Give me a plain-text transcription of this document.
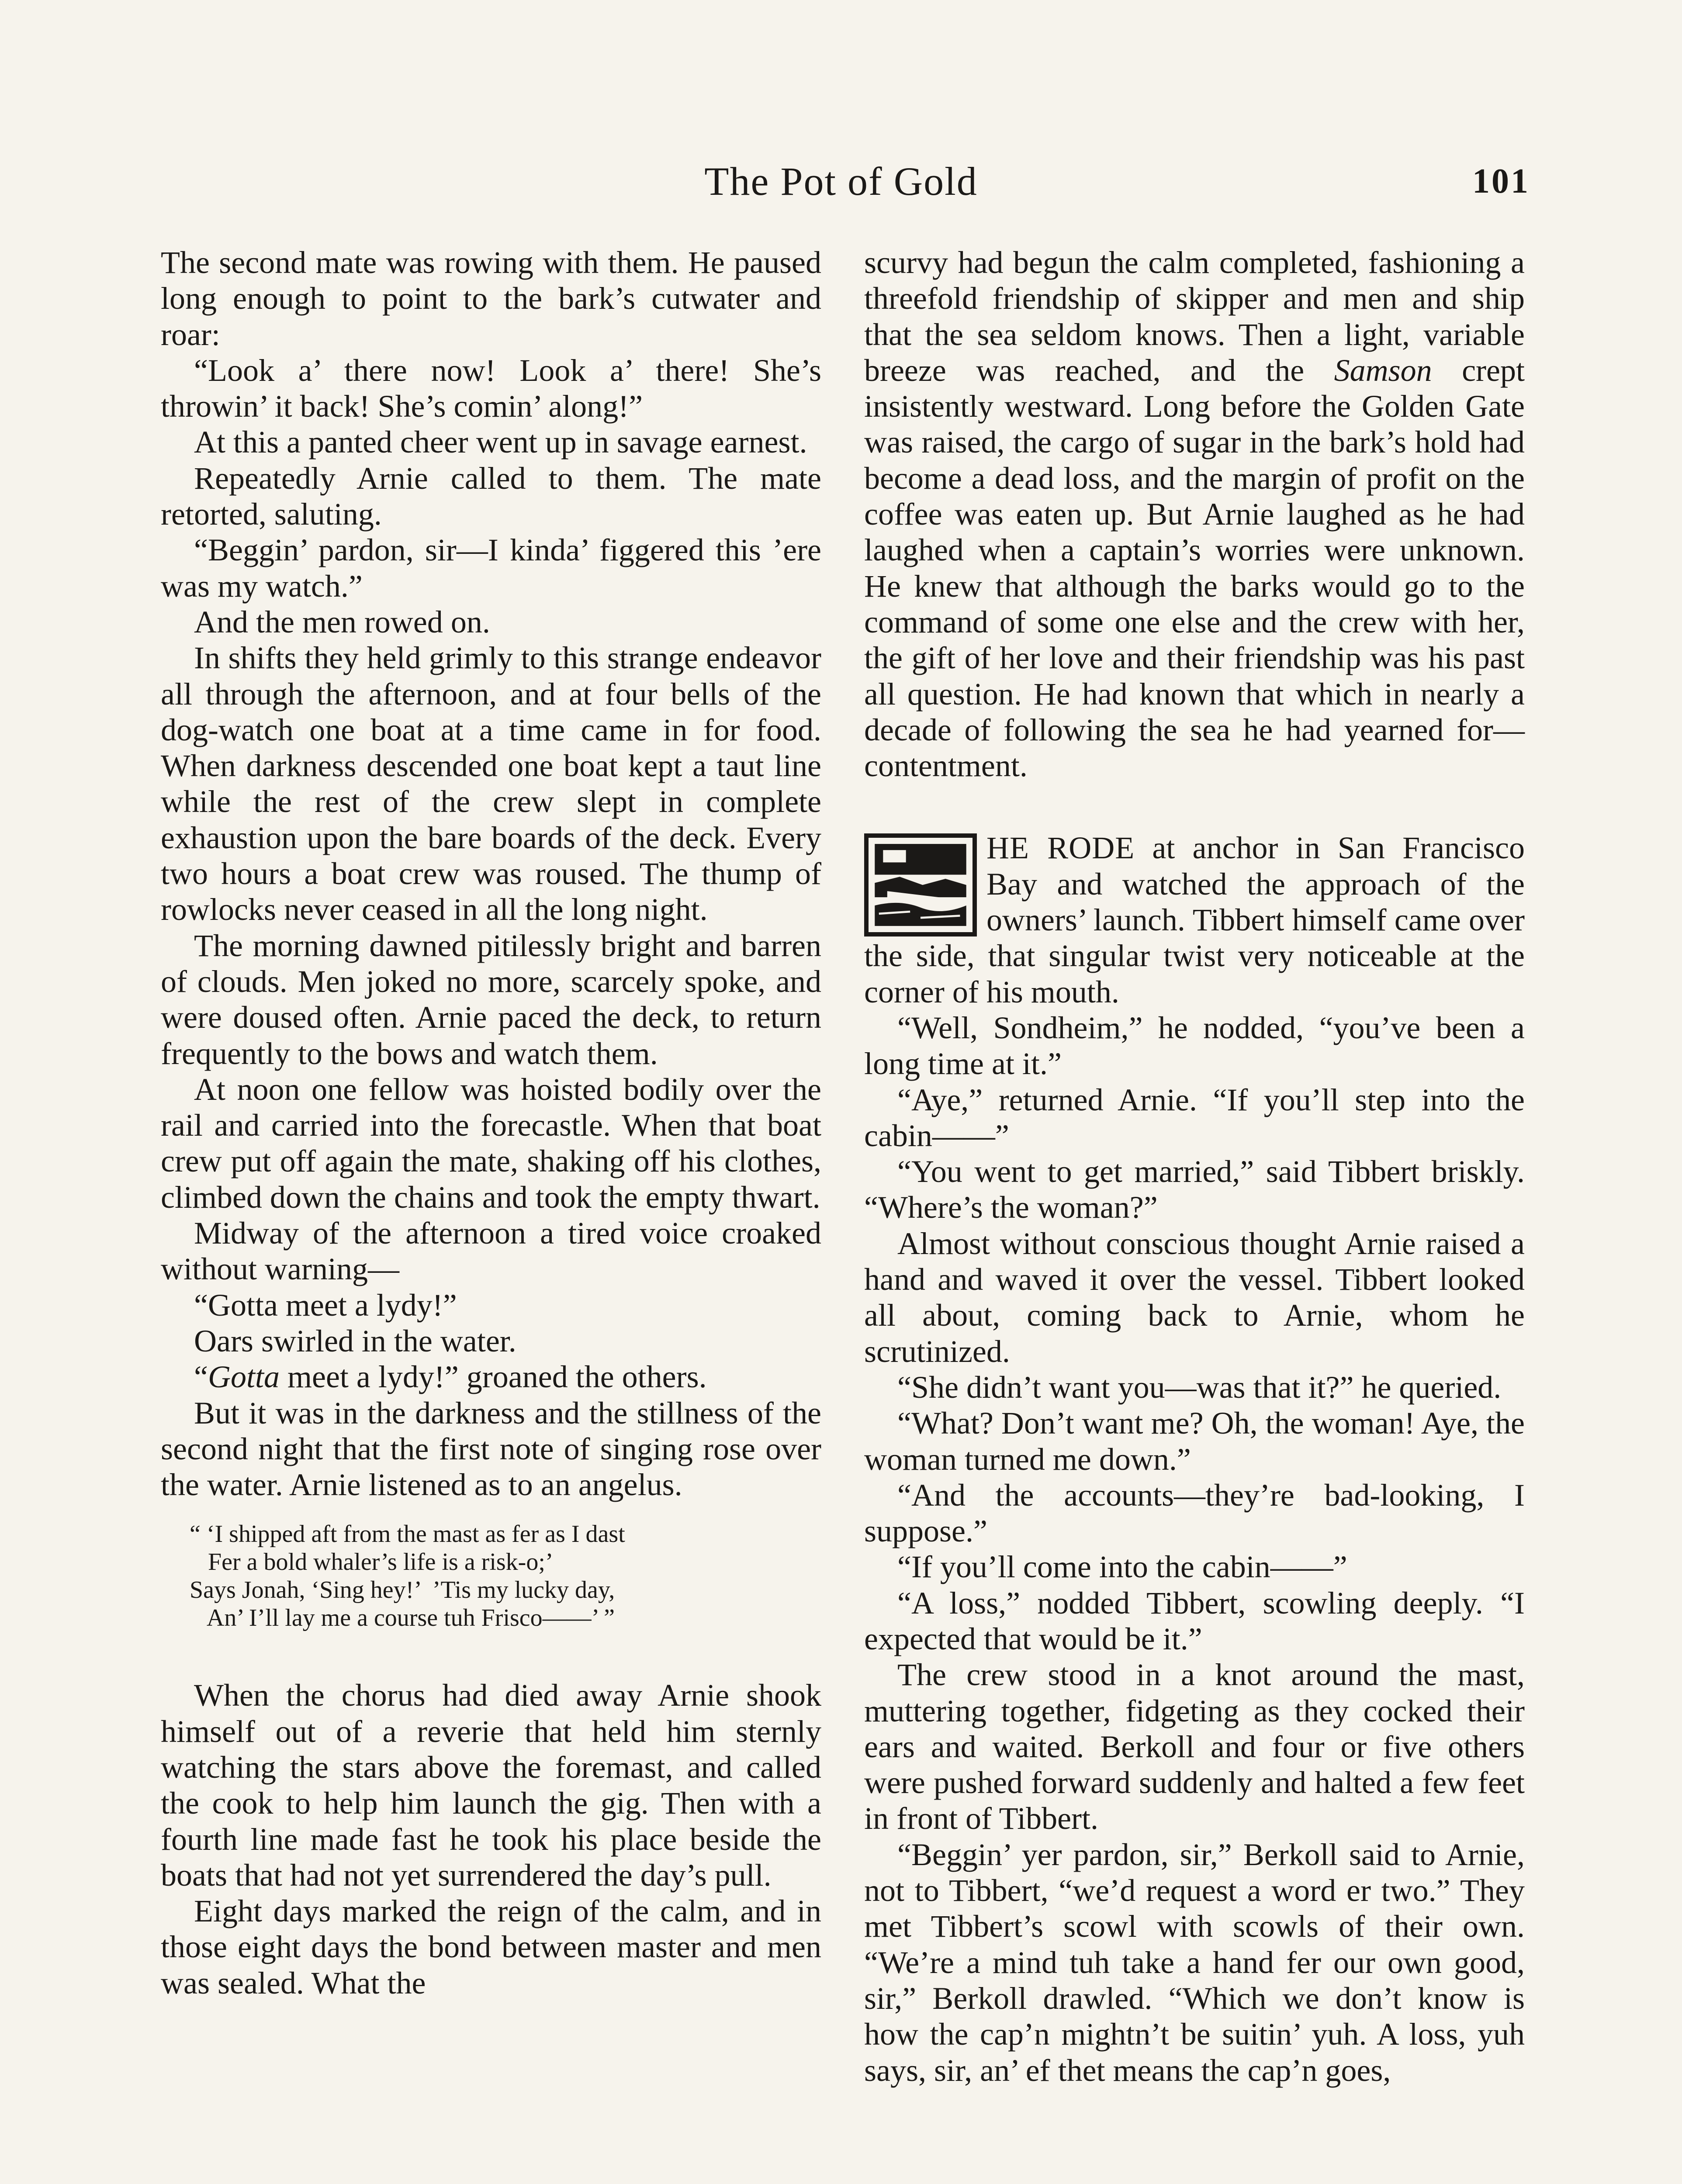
The Pot of Gold	101

The second mate was rowing with them. He paused long enough to point to the bark’s cutwater and roar:

“Look a’ there now! Look a’ there! She’s throwin’ it back! She’s comin’ along!”

At this a panted cheer went up in savage earnest.

Repeatedly Arnie called to them. The mate retorted, saluting.

“Beggin’ pardon, sir—I kinda’ figgered this ’ere was my watch.”

And the men rowed on.

In shifts they held grimly to this strange endeavor all through the afternoon, and at four bells of the dog-watch one boat at a time came in for food. When darkness descended one boat kept a taut line while the rest of the crew slept in complete exhaustion upon the bare boards of the deck. Every two hours a boat crew was roused. The thump of rowlocks never ceased in all the long night.

The morning dawned pitilessly bright and barren of clouds. Men joked no more, scarcely spoke, and were doused often. Arnie paced the deck, to return frequently to the bows and watch them.

At noon one fellow was hoisted bodily over the rail and carried into the forecastle. When that boat crew put off again the mate, shaking off his clothes, climbed down the chains and took the empty thwart.

Midway of the afternoon a tired voice croaked without warning—

“Gotta meet a lydy!”

Oars swirled in the water.

“Gotta meet a lydy!” groaned the others.

But it was in the darkness and the stillness of the second night that the first note of singing rose over the water. Arnie listened as to an angelus.

“ ‘I shipped aft from the mast as fer as I dast
Fer a bold whaler’s life is a risk-o;’
Says Jonah, ‘Sing hey!’  ’Tis my lucky day,
An’ I’ll lay me a course tuh Frisco——’ ”

When the chorus had died away Arnie shook himself out of a reverie that held him sternly watching the stars above the foremast, and called the cook to help him launch the gig. Then with a fourth line made fast he took his place beside the boats that had not yet surrendered the day’s pull.

Eight days marked the reign of the calm, and in those eight days the bond between master and men was sealed. What the

scurvy had begun the calm completed, fashioning a threefold friendship of skipper and men and ship that the sea seldom knows. Then a light, variable breeze was reached, and the Samson crept insistently westward. Long before the Golden Gate was raised, the cargo of sugar in the bark’s hold had become a dead loss, and the margin of profit on the coffee was eaten up. But Arnie laughed as he had laughed when a captain’s worries were unknown. He knew that although the barks would go to the command of some one else and the crew with her, the gift of her love and their friendship was his past all question. He had known that which in nearly a decade of following the sea he had yearned for—contentment.

HE RODE at anchor in San Francisco Bay and watched the approach of the owners’ launch. Tibbert himself came over the side, that singular twist very noticeable at the corner of his mouth.

“Well, Sondheim,” he nodded, “you’ve been a long time at it.”

“Aye,” returned Arnie. “If you’ll step into the cabin——”

“You went to get married,” said Tibbert briskly. “Where’s the woman?”

Almost without conscious thought Arnie raised a hand and waved it over the vessel. Tibbert looked all about, coming back to Arnie, whom he scrutinized.

“She didn’t want you—was that it?” he queried.

“What? Don’t want me? Oh, the woman! Aye, the woman turned me down.”

“And the accounts—they’re bad-looking, I suppose.”

“If you’ll come into the cabin——”

“A loss,” nodded Tibbert, scowling deeply. “I expected that would be it.”

The crew stood in a knot around the mast, muttering together, fidgeting as they cocked their ears and waited. Berkoll and four or five others were pushed forward suddenly and halted a few feet in front of Tibbert.

“Beggin’ yer pardon, sir,” Berkoll said to Arnie, not to Tibbert, “we’d request a word er two.” They met Tibbert’s scowl with scowls of their own. “We’re a mind tuh take a hand fer our own good, sir,” Berkoll drawled. “Which we don’t know is how the cap’n mightn’t be suitin’ yuh. A loss, yuh says, sir, an’ ef thet means the cap’n goes,
